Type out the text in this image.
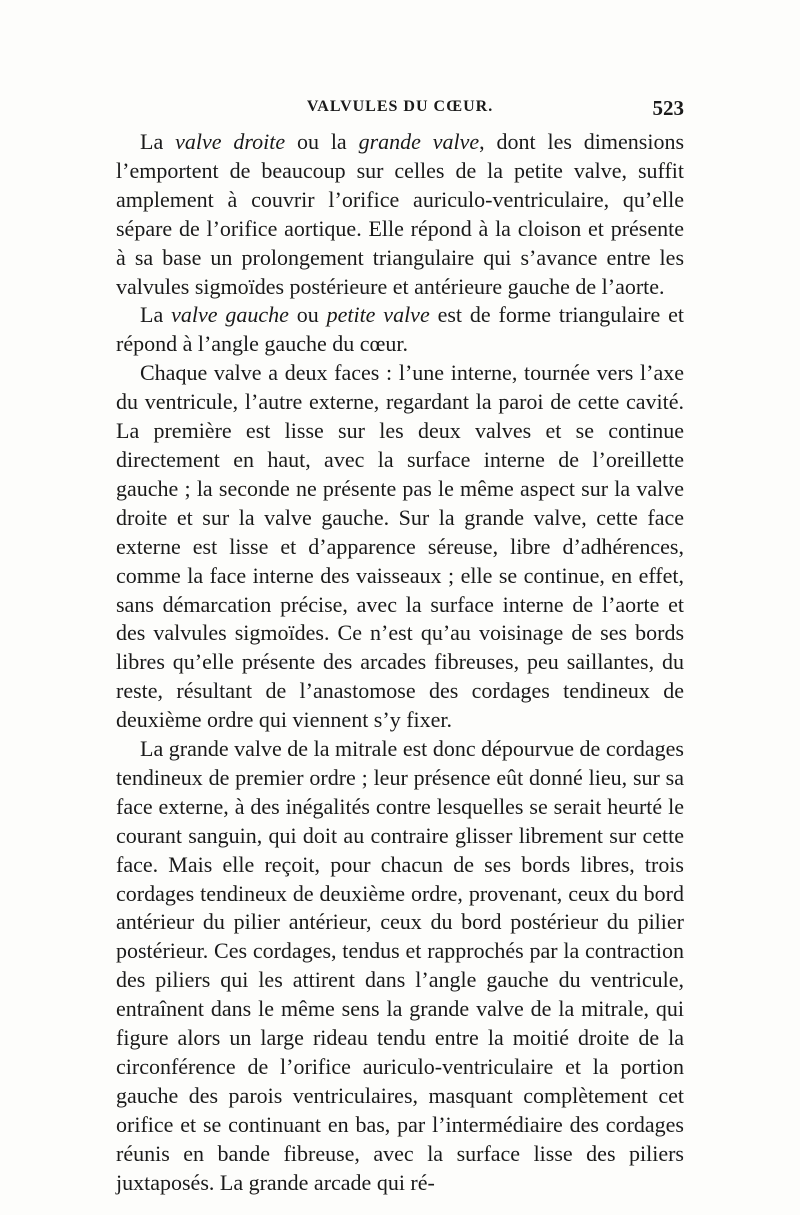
VALVULES DU CŒUR.	523

La valve droite ou la grande valve, dont les dimensions l’emportent de beaucoup sur celles de la petite valve, suffit amplement à couvrir l’orifice auriculo-ventriculaire, qu’elle sépare de l’orifice aortique. Elle répond à la cloison et présente à sa base un prolongement triangulaire qui s’avance entre les valvules sigmoïdes postérieure et antérieure gauche de l’aorte.

La valve gauche ou petite valve est de forme triangulaire et répond à l’angle gauche du cœur.

Chaque valve a deux faces : l’une interne, tournée vers l’axe du ventricule, l’autre externe, regardant la paroi de cette cavité. La première est lisse sur les deux valves et se continue directement en haut, avec la surface interne de l’oreillette gauche ; la seconde ne présente pas le même aspect sur la valve droite et sur la valve gauche. Sur la grande valve, cette face externe est lisse et d’apparence séreuse, libre d’adhérences, comme la face interne des vaisseaux ; elle se continue, en effet, sans démarcation précise, avec la surface interne de l’aorte et des valvules sigmoïdes. Ce n’est qu’au voisinage de ses bords libres qu’elle présente des arcades fibreuses, peu saillantes, du reste, résultant de l’anastomose des cordages tendineux de deuxième ordre qui viennent s’y fixer.

La grande valve de la mitrale est donc dépourvue de cordages tendineux de premier ordre ; leur présence eût donné lieu, sur sa face externe, à des inégalités contre lesquelles se serait heurté le courant sanguin, qui doit au contraire glisser librement sur cette face. Mais elle reçoit, pour chacun de ses bords libres, trois cordages tendineux de deuxième ordre, provenant, ceux du bord antérieur du pilier antérieur, ceux du bord postérieur du pilier postérieur. Ces cordages, tendus et rapprochés par la contraction des piliers qui les attirent dans l’angle gauche du ventricule, entraînent dans le même sens la grande valve de la mitrale, qui figure alors un large rideau tendu entre la moitié droite de la circonférence de l’orifice auriculo-ventriculaire et la portion gauche des parois ventriculaires, masquant complètement cet orifice et se continuant en bas, par l’intermédiaire des cordages réunis en bande fibreuse, avec la surface lisse des piliers juxtaposés. La grande arcade qui ré-
